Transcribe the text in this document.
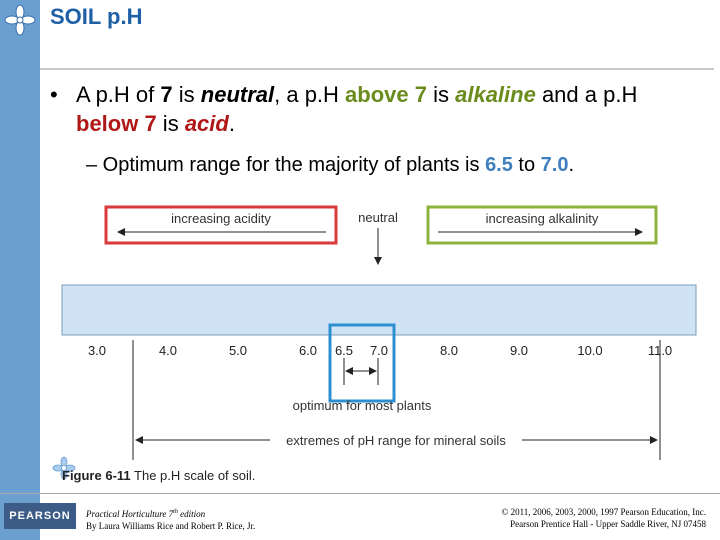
SOIL p.H
• A p.H of 7 is neutral, a p.H above 7 is alkaline and a p.H below 7 is acid.
– Optimum range for the majority of plants is 6.5 to 7.0.
increasing acidity	neutral	increasing alkalinity
3.0	4.0	5.0	6.0 6.5 7.0	8.0	9.0	10.0	11.0
optimum for most plants
extremes of pH range for mineral soils
Figure 6-11 The p.H scale of soil.
PEARSON	Practical Horticulture 7th edition
By Laura Williams Rice and Robert P. Rice, Jr.
© 2011, 2006, 2003, 2000, 1997 Pearson Education, Inc.
Pearson Prentice Hall - Upper Saddle River, NJ 07458
